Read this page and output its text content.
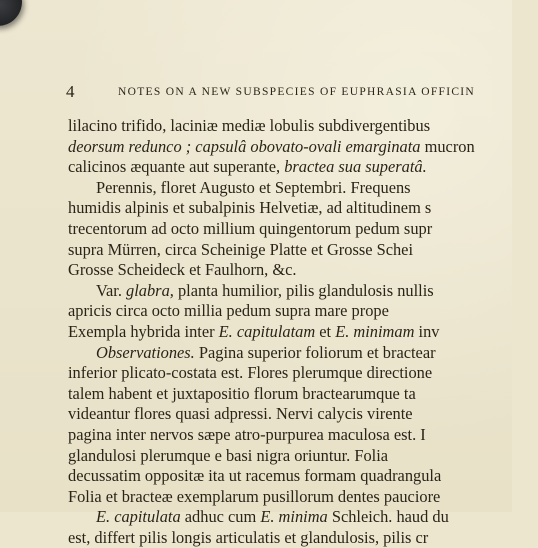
4	NOTES ON A NEW SUBSPECIES OF EUPHRASIA OFFICIN
lilacino trifido, laciniæ mediæ lobulis subdivergentibus
deorsum redunco ; capsulâ obovato-ovali emarginata mucron
calicinos æquante aut superante, bractea sua superatâ.
Perennis, floret Augusto et Septembri. Frequens
humidis alpinis et subalpinis Helvetiæ, ad altitudinem s
trecentorum ad octo millium quingentorum pedum supr
supra Mürren, circa Scheinige Platte et Grosse Schei
Grosse Scheideck et Faulhorn, &c.
Var. glabra, planta humilior, pilis glandulosis nullis
apricis circa octo millia pedum supra mare prope
Exempla hybrida inter E. capitulatam et E. minimam inv
Observationes. Pagina superior foliorum et bractear
inferior plicato-costata est. Flores plerumque directione
talem habent et juxtapositio florum bractearumque ta
videantur flores quasi adpressi. Nervi calycis virente
pagina inter nervos sæpe atro-purpurea maculosa est. I
glandulosi plerumque e basi nigra oriuntur. Folia
decussatim oppositæ ita ut racemus formam quadrangula
Folia et bracteæ exemplarum pusillorum dentes pauciore
E. capitulata adhuc cum E. minima Schleich. haud du
est, differt pilis longis articulatis et glandulosis, pilis cr
